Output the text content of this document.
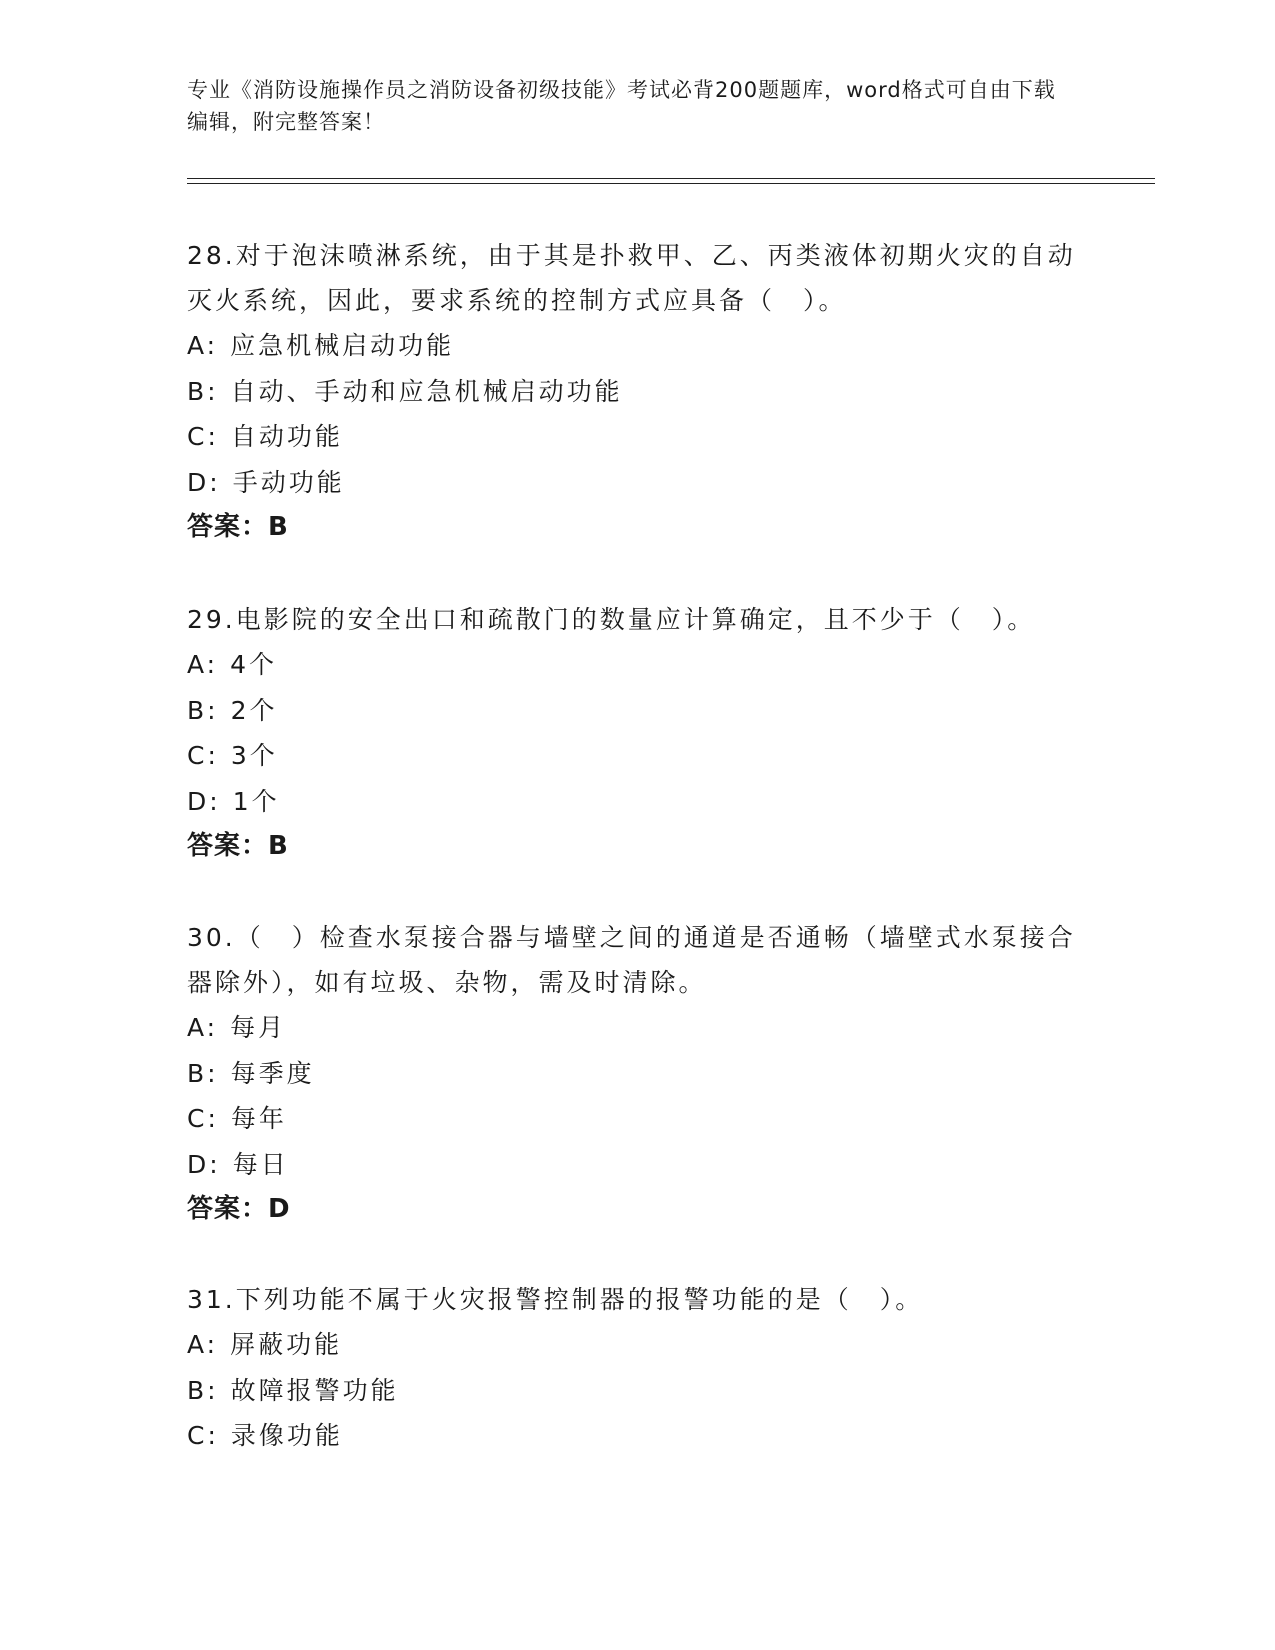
专业《消防设施操作员之消防设备初级技能》考试必背200题题库，word格式可自由下载编辑，附完整答案！

28.对于泡沫喷淋系统，由于其是扑救甲、乙、丙类液体初期火灾的自动灭火系统，因此，要求系统的控制方式应具备（　）。

A: 应急机械启动功能

B: 自动、手动和应急机械启动功能

C: 自动功能

D: 手动功能

答案：B

29.电影院的安全出口和疏散门的数量应计算确定，且不少于（　）。

A: 4个

B: 2个

C: 3个

D: 1个

答案：B

30.（　）检查水泵接合器与墙壁之间的通道是否通畅（墙壁式水泵接合器除外），如有垃圾、杂物，需及时清除。

A: 每月

B: 每季度

C: 每年

D: 每日

答案：D

31.下列功能不属于火灾报警控制器的报警功能的是（　）。

A: 屏蔽功能

B: 故障报警功能

C: 录像功能
